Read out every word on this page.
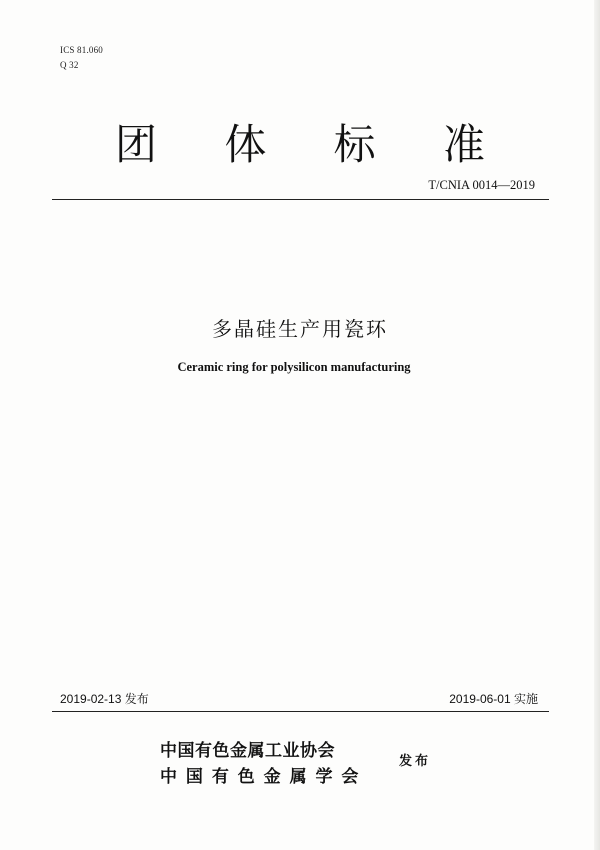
ICS 81.060
Q 32
团 体 标 准
T/CNIA 0014—2019
多晶硅生产用瓷环
Ceramic ring for polysilicon manufacturing
2019-02-13 发布	2019-06-01 实施
中国有色金属工业协会
中 国 有 色 金 属 学 会
发布
